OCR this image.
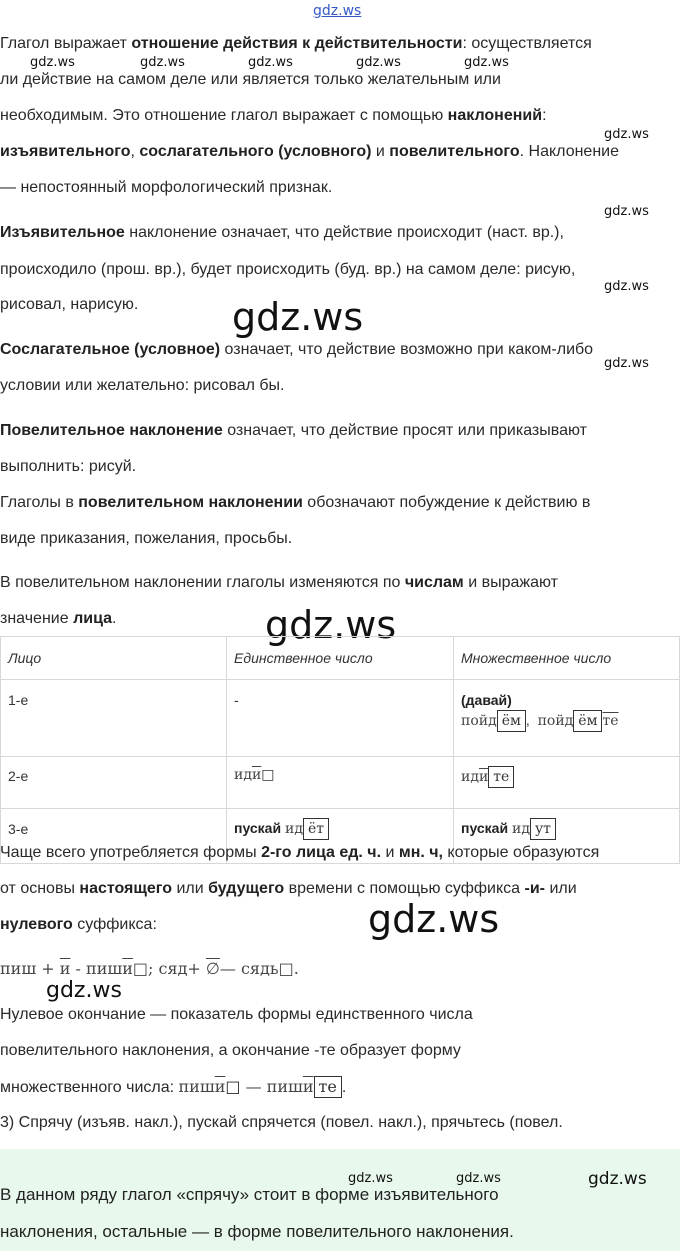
gdz.ws
gdz.ws	gdz.ws	gdz.ws	gdz.ws	gdz.ws
gdz.ws
gdz.ws
gdz.ws
gdz.ws
gdz.ws
gdz.ws
gdz.ws
gdz.ws
Глагол выражает отношение действия к действительности: осуществляется
ли действие на самом деле или является только желательным или
необходимым. Это отношение глагол выражает с помощью наклонений:
изъявительного, сослагательного (условного) и повелительного. Наклонение
— непостоянный морфологический признак.
Изъявительное наклонение означает, что действие происходит (наст. вр.),
происходило (прош. вр.), будет происходить (буд. вр.) на самом деле: рисую,
рисовал, нарисую.
Сослагательное (условное) означает, что действие возможно при каком-либо
условии или желательно: рисовал бы.
Повелительное наклонение означает, что действие просят или приказывают
выполнить: рисуй.
Глаголы в повелительном наклонении обозначают побуждение к действию в
виде приказания, пожелания, просьбы.
В повелительном наклонении глаголы изменяются по числам и выражают
значение лица.
Лицо	Единственное число	Множественное число
1-е	-	(давай)
пойд ём , пойд ём те

2-е	иди□	иди те
3-е	пускай ид ёт	пускай ид ут
Чаще всего употребляется формы 2-го лица ед. ч. и мн. ч, которые образуются
от основы настоящего или будущего времени с помощью суффикса -и- или
нулевого суффикса:
пиш + и - пиши□; сяд+ ∅— сядь□.
Нулевое окончание — показатель формы единственного числа
повелительного наклонения, а окончание -те образует форму
множественного числа: пиши□ — пиши те .
3) Спрячу (изъяв. накл.), пускай спрячется (повел. накл.), прячьтесь (повел.
gdz.ws	gdz.ws	gdz.ws
В данном ряду глагол «спрячу» стоит в форме изъявительного
наклонения, остальные — в форме повелительного наклонения.
